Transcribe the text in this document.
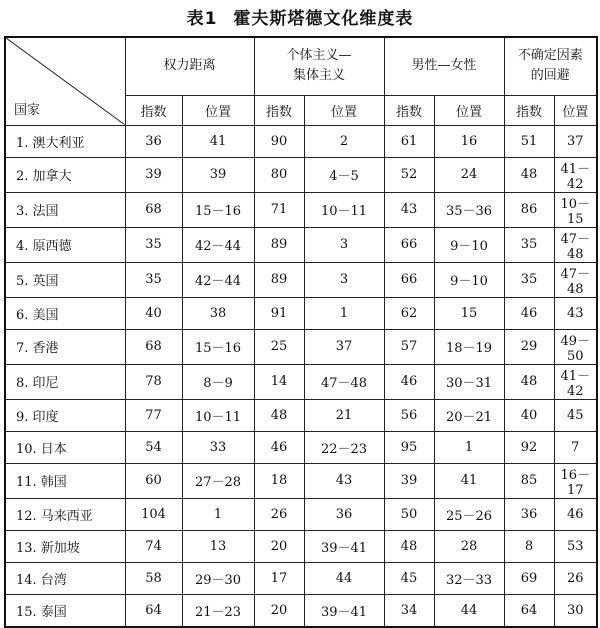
表1 霍夫斯塔德文化维度表
国家	权力距离		个体主义—
集体主义		男性—女性		不确定因素
的回避	
	指数	位置	指数	位置	指数	位置	指数	位置
1. 澳大利亚	36	41	90	2	61	16	51	37
2. 加拿大	39	39	80	4－5	52	24	48	41－42
3. 法国	68	15－16	71	10－11	43	35－36	86	10－15
4. 原西德	35	42－44	89	3	66	9－10	35	47－48
5. 英国	35	42－44	89	3	66	9－10	35	47－48
6. 美国	40	38	91	1	62	15	46	43
7. 香港	68	15－16	25	37	57	18－19	29	49－50
8. 印尼	78	8－9	14	47－48	46	30－31	48	41－42
9. 印度	77	10－11	48	21	56	20－21	40	45
10. 日本	54	33	46	22－23	95	1	92	7
11. 韩国	60	27－28	18	43	39	41	85	16－17
12. 马来西亚	104	1	26	36	50	25－26	36	46
13. 新加坡	74	13	20	39－41	48	28	8	53
14. 台湾	58	29－30	17	44	45	32－33	69	26
15. 泰国	64	21－23	20	39－41	34	44	64	30
